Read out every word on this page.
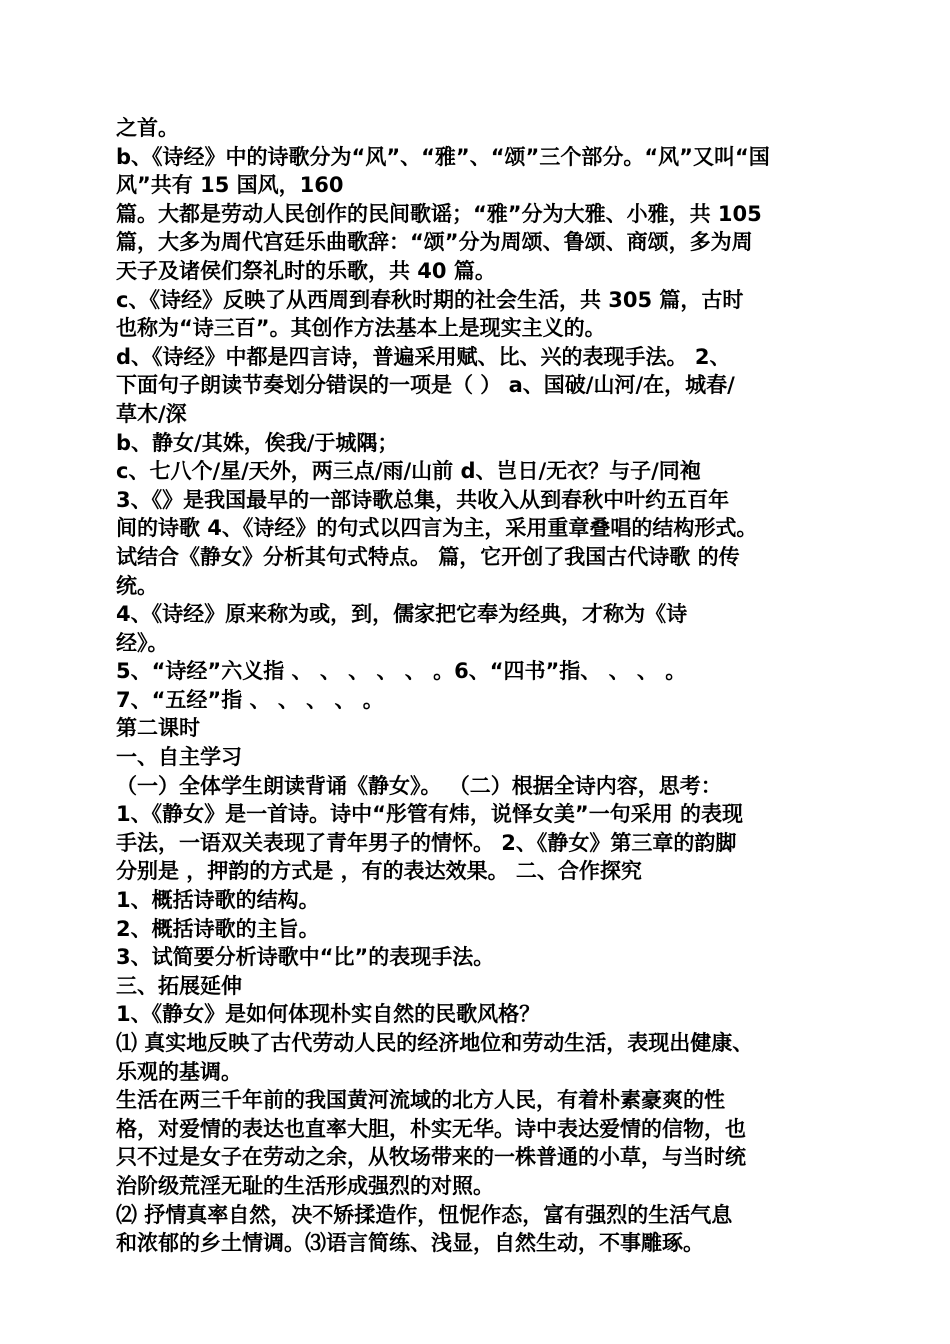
之首。
b、《诗经》中的诗歌分为“风”、“雅”、“颂”三个部分。“风”又叫“国
风”共有 15 国风，160
篇。大都是劳动人民创作的民间歌谣；“雅”分为大雅、小雅，共 105
篇，大多为周代宫廷乐曲歌辞：“颂”分为周颂、鲁颂、商颂，多为周
天子及诸侯们祭礼时的乐歌，共 40 篇。
c、《诗经》反映了从西周到春秋时期的社会生活，共 305 篇，古时
也称为“诗三百”。其创作方法基本上是现实主义的。
d、《诗经》中都是四言诗，普遍采用赋、比、兴的表现手法。 2、
下面句子朗读节奏划分错误的一项是（ ） a、国破/山河/在，城春/
草木/深
b、静女/其姝，俟我/于城隅；
c、七八个/星/天外，两三点/雨/山前 d、岂日/无衣？与子/同袍
3、《》是我国最早的一部诗歌总集，共收入从到春秋中叶约五百年
间的诗歌 4、《诗经》的句式以四言为主，采用重章叠唱的结构形式。
试结合《静女》分析其句式特点。 篇，它开创了我国古代诗歌 的传
统。
4、《诗经》原来称为或，到，儒家把它奉为经典，才称为《诗
经》。
5、“诗经”六义指 、 、 、 、 、 。6、“四书”指、 、 、 。
7、“五经”指 、 、 、 、 。
第二课时
一、自主学习
（一）全体学生朗读背诵《静女》。 （二）根据全诗内容，思考：
1、《静女》是一首诗。诗中“彤管有炜，说怿女美”一句采用 的表现
手法，一语双关表现了青年男子的情怀。 2、《静女》第三章的韵脚
分别是 ，押韵的方式是 ，有的表达效果。 二、合作探究
1、概括诗歌的结构。
2、概括诗歌的主旨。
3、试简要分析诗歌中“比”的表现手法。
三、拓展延伸
1、《静女》是如何体现朴实自然的民歌风格？
⑴ 真实地反映了古代劳动人民的经济地位和劳动生活，表现出健康、
乐观的基调。
生活在两三千年前的我国黄河流域的北方人民，有着朴素豪爽的性
格，对爱情的表达也直率大胆，朴实无华。诗中表达爱情的信物，也
只不过是女子在劳动之余，从牧场带来的一株普通的小草，与当时统
治阶级荒淫无耻的生活形成强烈的对照。
⑵ 抒情真率自然，决不矫揉造作，忸怩作态，富有强烈的生活气息
和浓郁的乡土情调。⑶语言简练、浅显，自然生动，不事雕琢。
